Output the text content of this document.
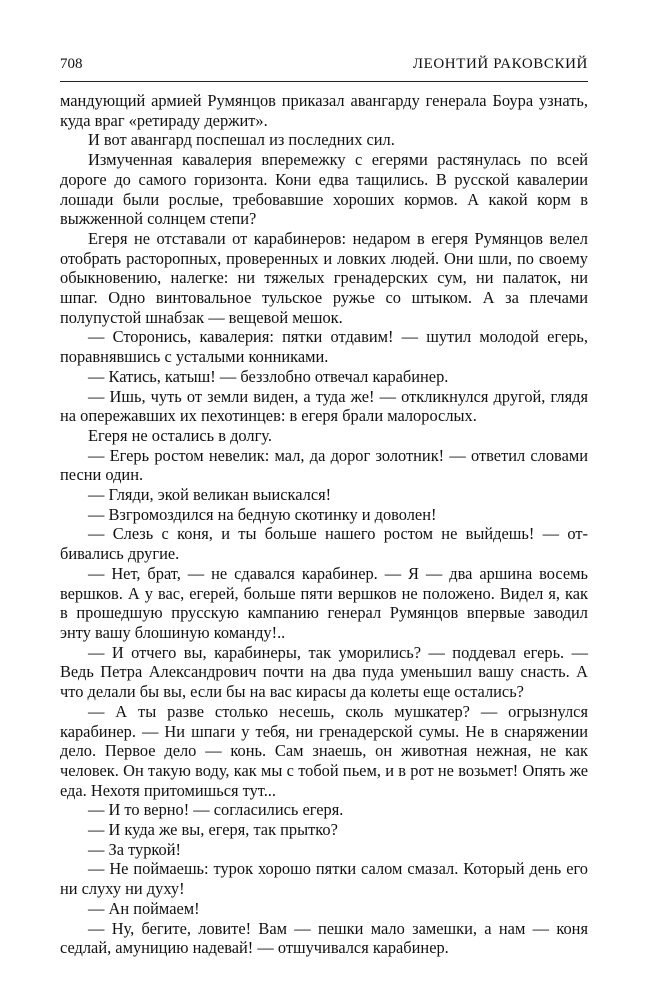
708	ЛЕОНТИЙ РАКОВСКИЙ

мандующий армией Румянцов приказал авангарду генерала Боура узнать, куда враг «ретираду держит».

И вот авангард поспешал из последних сил.

Измученная кавалерия вперемежку с егерями растянулась по всей дороге до самого горизонта. Кони едва тащились. В русской кавалерии лошади были рослые, требовавшие хороших кормов. А какой корм в выжженной солнцем степи?

Егеря не отставали от карабинеров: недаром в егеря Румянцов велел отобрать расторопных, проверенных и ловких людей. Они шли, по своему обыкновению, налегке: ни тяжелых гренадерских сум, ни палаток, ни шпаг. Одно винтовальное тульское ружье со штыком. А за плечами полупустой шнабзак — вещевой мешок.

— Сторонись, кавалерия: пятки отдавим! — шутил молодой егерь, поравнявшись с усталыми конниками.

— Катись, катыш! — беззлобно отвечал карабинер.

— Ишь, чуть от земли виден, а туда же! — откликнулся другой, глядя на опережавших их пехотинцев: в егеря брали малорослых.

Егеря не остались в долгу.

— Егерь ростом невелик: мал, да дорог золотник! — ответил словами песни один.

— Гляди, экой великан выискался!

— Взгромоздился на бедную скотинку и доволен!

— Слезь с коня, и ты больше нашего ростом не выйдешь! — отбивались другие.

— Нет, брат, — не сдавался карабинер. — Я — два аршина восемь вершков. А у вас, егерей, больше пяти вершков не положено. Видел я, как в прошедшую прусскую кампанию генерал Румянцов впервые заводил энту вашу блошиную команду!..

— И отчего вы, карабинеры, так уморились? — поддевал егерь. — Ведь Петра Александрович почти на два пуда уменьшил вашу снасть. А что делали бы вы, если бы на вас кирасы да колеты еще остались?

— А ты разве столько несешь, сколь мушкатер? — огрызнулся карабинер. — Ни шпаги у тебя, ни гренадерской сумы. Не в снаряжении дело. Первое дело — конь. Сам знаешь, он животная нежная, не как человек. Он такую воду, как мы с тобой пьем, и в рот не возьмет! Опять же еда. Нехотя притомишься тут...

— И то верно! — согласились егеря.

— И куда же вы, егеря, так прытко?

— За туркой!

— Не поймаешь: турок хорошо пятки салом смазал. Который день его ни слуху ни духу!

— Ан поймаем!

— Ну, бегите, ловите! Вам — пешки мало замешки, а нам — коня седлай, амуницию надевай! — отшучивался карабинер.
